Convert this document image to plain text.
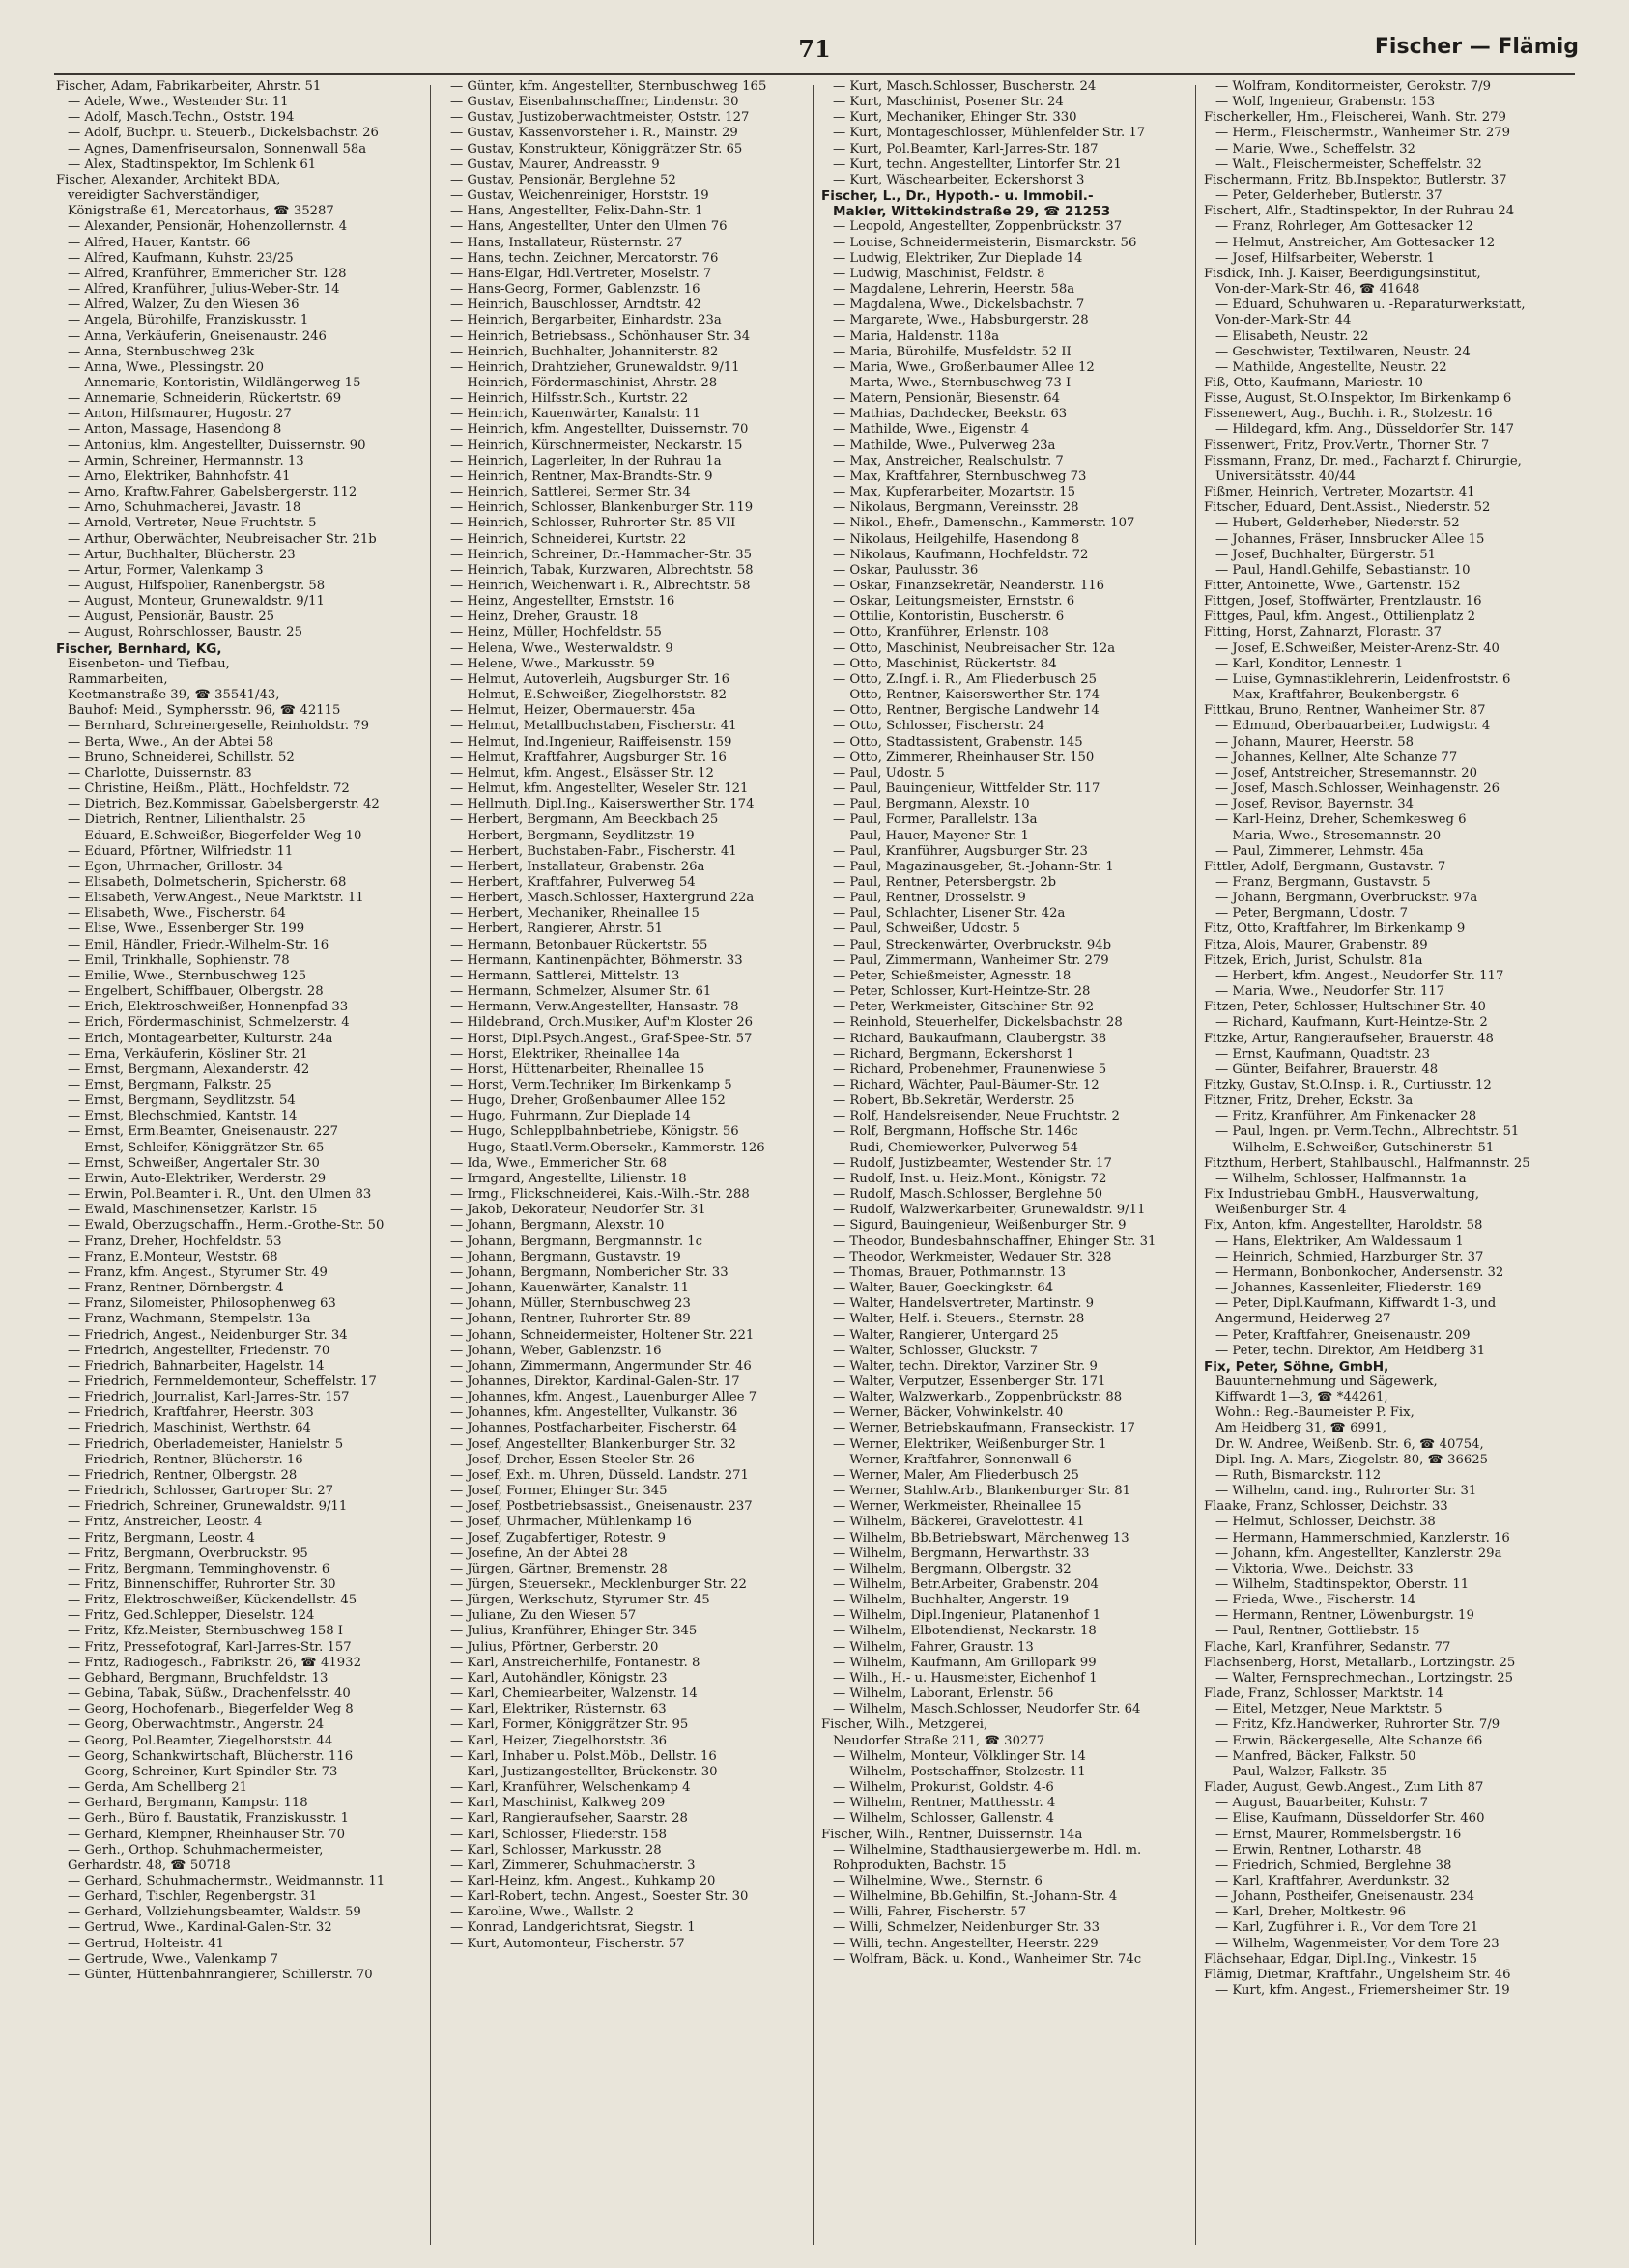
71	Fischer — Flämig
Fischer, Adam, Fabrikarbeiter, Ahrstr. 51
— Adele, Wwe., Westender Str. 11
— Adolf, Masch.Techn., Oststr. 194
— Adolf, Buchpr. u. Steuerb., Dickelsbachstr. 26
— Agnes, Damenfriseursalon, Sonnenwall 58a
— Alex, Stadtinspektor, Im Schlenk 61
Fischer, Alexander, Architekt BDA,
vereidigter Sachverständiger,
Königstraße 61, Mercatorhaus, ☎ 35287
— Alexander, Pensionär, Hohenzollernstr. 4
— Alfred, Hauer, Kantstr. 66
— Alfred, Kaufmann, Kuhstr. 23/25
— Alfred, Kranführer, Emmericher Str. 128
— Alfred, Kranführer, Julius-Weber-Str. 14
— Alfred, Walzer, Zu den Wiesen 36
— Angela, Bürohilfe, Franziskusstr. 1
— Anna, Verkäuferin, Gneisenaustr. 246
— Anna, Sternbuschweg 23k
— Anna, Wwe., Plessingstr. 20
— Annemarie, Kontoristin, Wildlängerweg 15
— Annemarie, Schneiderin, Rückertstr. 69
— Anton, Hilfsmaurer, Hugostr. 27
— Anton, Massage, Hasendong 8
— Antonius, klm. Angestellter, Duissernstr. 90
— Armin, Schreiner, Hermannstr. 13
— Arno, Elektriker, Bahnhofstr. 41
— Arno, Kraftw.Fahrer, Gabelsbergerstr. 112
— Arno, Schuhmacherei, Javastr. 18
— Arnold, Vertreter, Neue Fruchtstr. 5
— Arthur, Oberwächter, Neubreisacher Str. 21b
— Artur, Buchhalter, Blücherstr. 23
— Artur, Former, Valenkamp 3
— August, Hilfspolier, Ranenbergstr. 58
— August, Monteur, Grunewaldstr. 9/11
— August, Pensionär, Baustr. 25
— August, Rohrschlosser, Baustr. 25
Fischer, Bernhard, KG,
Eisenbeton- und Tiefbau,
Rammarbeiten,
Keetmanstraße 39, ☎ 35541/43,
Bauhof: Meid., Symphersstr. 96, ☎ 42115
— Bernhard, Schreinergeselle, Reinholdstr. 79
— Berta, Wwe., An der Abtei 58
— Bruno, Schneiderei, Schillstr. 52
— Charlotte, Duissernstr. 83
— Christine, Heißm., Plätt., Hochfeldstr. 72
— Dietrich, Bez.Kommissar, Gabelsbergerstr. 42
— Dietrich, Rentner, Lilienthalstr. 25
— Eduard, E.Schweißer, Biegerfelder Weg 10
— Eduard, Pförtner, Wilfriedstr. 11
— Egon, Uhrmacher, Grillostr. 34
— Elisabeth, Dolmetscherin, Spicherstr. 68
— Elisabeth, Verw.Angest., Neue Marktstr. 11
— Elisabeth, Wwe., Fischerstr. 64
— Elise, Wwe., Essenberger Str. 199
— Emil, Händler, Friedr.-Wilhelm-Str. 16
— Emil, Trinkhalle, Sophienstr. 78
— Emilie, Wwe., Sternbuschweg 125
— Engelbert, Schiffbauer, Ölbergstr. 28
— Erich, Elektroschweißer, Honnenpfad 33
— Erich, Fördermaschinist, Schmelzerstr. 4
— Erich, Montagearbeiter, Kulturstr. 24a
— Erna, Verkäuferin, Kösliner Str. 21
— Ernst, Bergmann, Alexanderstr. 42
— Ernst, Bergmann, Falkstr. 25
— Ernst, Bergmann, Seydlitzstr. 54
— Ernst, Blechschmied, Kantstr. 14
— Ernst, Erm.Beamter, Gneisenaustr. 227
— Ernst, Schleifer, Königgrätzer Str. 65
— Ernst, Schweißer, Angertaler Str. 30
— Erwin, Auto-Elektriker, Werderstr. 29
— Erwin, Pol.Beamter i. R., Unt. den Ulmen 83
— Ewald, Maschinensetzer, Karlstr. 15
— Ewald, Oberzugschaffn., Herm.-Grothe-Str. 50
— Franz, Dreher, Hochfeldstr. 53
— Franz, E.Monteur, Weststr. 68
— Franz, kfm. Angest., Styrumer Str. 49
— Franz, Rentner, Dörnbergstr. 4
— Franz, Silomeister, Philosophenweg 63
— Franz, Wachmann, Stempelstr. 13a
— Friedrich, Angest., Neidenburger Str. 34
— Friedrich, Angestellter, Friedenstr. 70
— Friedrich, Bahnarbeiter, Hagelstr. 14
— Friedrich, Fernmeldemonteur, Scheffelstr. 17
— Friedrich, Journalist, Karl-Jarres-Str. 157
— Friedrich, Kraftfahrer, Heerstr. 303
— Friedrich, Maschinist, Werthstr. 64
— Friedrich, Oberlademeister, Hanielstr. 5
— Friedrich, Rentner, Blücherstr. 16
— Friedrich, Rentner, Ölbergstr. 28
— Friedrich, Schlosser, Gartroper Str. 27
— Friedrich, Schreiner, Grunewaldstr. 9/11
— Fritz, Anstreicher, Leostr. 4
— Fritz, Bergmann, Leostr. 4
— Fritz, Bergmann, Overbruckstr. 95
— Fritz, Bergmann, Temminghovenstr. 6
— Fritz, Binnenschiffer, Ruhrorter Str. 30
— Fritz, Elektroschweißer, Kückendellstr. 45
— Fritz, Ged.Schlepper, Dieselstr. 124
— Fritz, Kfz.Meister, Sternbuschweg 158 I
— Fritz, Pressefotograf, Karl-Jarres-Str. 157
— Fritz, Radiogesch., Fabrikstr. 26, ☎ 41932
— Gebhard, Bergmann, Bruchfeldstr. 13
— Gebina, Tabak, Süßw., Drachenfelsstr. 40
— Georg, Hochofenarb., Biegerfelder Weg 8
— Georg, Oberwachtmstr., Angerstr. 24
— Georg, Pol.Beamter, Ziegelhorststr. 44
— Georg, Schankwirtschaft, Blücherstr. 116
— Georg, Schreiner, Kurt-Spindler-Str. 73
— Gerda, Am Schellberg 21
— Gerhard, Bergmann, Kampstr. 118
— Gerh., Büro f. Baustatik, Franziskusstr. 1
— Gerhard, Klempner, Rheinhauser Str. 70
— Gerh., Orthop. Schuhmachermeister,
Gerhardstr. 48, ☎ 50718
— Gerhard, Schuhmachermstr., Weidmannstr. 11
— Gerhard, Tischler, Regenbergstr. 31
— Gerhard, Vollziehungsbeamter, Waldstr. 59
— Gertrud, Wwe., Kardinal-Galen-Str. 32
— Gertrud, Holteistr. 41
— Gertrude, Wwe., Valenkamp 7
— Günter, Hüttenbahnrangierer, Schillerstr. 70
— Günter, kfm. Angestellter, Sternbuschweg 165
— Gustav, Eisenbahnschaffner, Lindenstr. 30
— Gustav, Justizoberwachtmeister, Oststr. 127
— Gustav, Kassenvorsteher i. R., Mainstr. 29
— Gustav, Konstrukteur, Königgrätzer Str. 65
— Gustav, Maurer, Andreasstr. 9
— Gustav, Pensionär, Berglehne 52
— Gustav, Weichenreiniger, Horststr. 19
— Hans, Angestellter, Felix-Dahn-Str. 1
— Hans, Angestellter, Unter den Ulmen 76
— Hans, Installateur, Rüsternstr. 27
— Hans, techn. Zeichner, Mercatorstr. 76
— Hans-Elgar, Hdl.Vertreter, Moselstr. 7
— Hans-Georg, Former, Gablenzstr. 16
— Heinrich, Bauschlosser, Arndtstr. 42
— Heinrich, Bergarbeiter, Einhardstr. 23a
— Heinrich, Betriebsass., Schönhauser Str. 34
— Heinrich, Buchhalter, Johanniterstr. 82
— Heinrich, Drahtzieher, Grunewaldstr. 9/11
— Heinrich, Fördermaschinist, Ahrstr. 28
— Heinrich, Hilfsstr.Sch., Kurtstr. 22
— Heinrich, Kauenwärter, Kanalstr. 11
— Heinrich, kfm. Angestellter, Duissernstr. 70
— Heinrich, Kürschnermeister, Neckarstr. 15
— Heinrich, Lagerleiter, In der Ruhrau 1a
— Heinrich, Rentner, Max-Brandts-Str. 9
— Heinrich, Sattlerei, Sermer Str. 34
— Heinrich, Schlosser, Blankenburger Str. 119
— Heinrich, Schlosser, Ruhrorter Str. 85 VII
— Heinrich, Schneiderei, Kurtstr. 22
— Heinrich, Schreiner, Dr.-Hammacher-Str. 35
— Heinrich, Tabak, Kurzwaren, Albrechtstr. 58
— Heinrich, Weichenwart i. R., Albrechtstr. 58
— Heinz, Angestellter, Ernststr. 16
— Heinz, Dreher, Graustr. 18
— Heinz, Müller, Hochfeldstr. 55
— Helena, Wwe., Westerwaldstr. 9
— Helene, Wwe., Markusstr. 59
— Helmut, Autoverleih, Augsburger Str. 16
— Helmut, E.Schweißer, Ziegelhorststr. 82
— Helmut, Heizer, Obermauerstr. 45a
— Helmut, Metallbuchstaben, Fischerstr. 41
— Helmut, Ind.Ingenieur, Raiffeisenstr. 159
— Helmut, Kraftfahrer, Augsburger Str. 16
— Helmut, kfm. Angest., Elsässer Str. 12
— Helmut, kfm. Angestellter, Weseler Str. 121
— Hellmuth, Dipl.Ing., Kaiserswerther Str. 174
— Herbert, Bergmann, Am Beeckbach 25
— Herbert, Bergmann, Seydlitzstr. 19
— Herbert, Buchstaben-Fabr., Fischerstr. 41
— Herbert, Installateur, Grabenstr. 26a
— Herbert, Kraftfahrer, Pulverweg 54
— Herbert, Masch.Schlosser, Haxtergrund 22a
— Herbert, Mechaniker, Rheinallee 15
— Herbert, Rangierer, Ahrstr. 51
— Hermann, Betonbauer Rückertstr. 55
— Hermann, Kantinenpächter, Böhmerstr. 33
— Hermann, Sattlerei, Mittelstr. 13
— Hermann, Schmelzer, Alsumer Str. 61
— Hermann, Verw.Angestellter, Hansastr. 78
— Hildebrand, Orch.Musiker, Auf'm Kloster 26
— Horst, Dipl.Psych.Angest., Graf-Spee-Str. 57
— Horst, Elektriker, Rheinallee 14a
— Horst, Hüttenarbeiter, Rheinallee 15
— Horst, Verm.Techniker, Im Birkenkamp 5
— Hugo, Dreher, Großenbaumer Allee 152
— Hugo, Fuhrmann, Zur Dieplade 14
— Hugo, Schlepplbahnbetriebe, Königstr. 56
— Hugo, Staatl.Verm.Obersekr., Kammerstr. 126
— Ida, Wwe., Emmericher Str. 68
— Irmgard, Angestellte, Lilienstr. 18
— Irmg., Flickschneiderei, Kais.-Wilh.-Str. 288
— Jakob, Dekorateur, Neudorfer Str. 31
— Johann, Bergmann, Alexstr. 10
— Johann, Bergmann, Bergmannstr. 1c
— Johann, Bergmann, Gustavstr. 19
— Johann, Bergmann, Nombericher Str. 33
— Johann, Kauenwärter, Kanalstr. 11
— Johann, Müller, Sternbuschweg 23
— Johann, Rentner, Ruhrorter Str. 89
— Johann, Schneidermeister, Holtener Str. 221
— Johann, Weber, Gablenzstr. 16
— Johann, Zimmermann, Angermunder Str. 46
— Johannes, Direktor, Kardinal-Galen-Str. 17
— Johannes, kfm. Angest., Lauenburger Allee 7
— Johannes, kfm. Angestellter, Vulkanstr. 36
— Johannes, Postfacharbeiter, Fischerstr. 64
— Josef, Angestellter, Blankenburger Str. 32
— Josef, Dreher, Essen-Steeler Str. 26
— Josef, Exh. m. Uhren, Düsseld. Landstr. 271
— Josef, Former, Ehinger Str. 345
— Josef, Postbetriebsassist., Gneisenaustr. 237
— Josef, Uhrmacher, Mühlenkamp 16
— Josef, Zugabfertiger, Rotestr. 9
— Josefine, An der Abtei 28
— Jürgen, Gärtner, Bremenstr. 28
— Jürgen, Steuersekr., Mecklenburger Str. 22
— Jürgen, Werkschutz, Styrumer Str. 45
— Juliane, Zu den Wiesen 57
— Julius, Kranführer, Ehinger Str. 345
— Julius, Pförtner, Gerberstr. 20
— Karl, Anstreicherhilfe, Fontanestr. 8
— Karl, Autohändler, Königstr. 23
— Karl, Chemiearbeiter, Walzenstr. 14
— Karl, Elektriker, Rüsternstr. 63
— Karl, Former, Königgrätzer Str. 95
— Karl, Heizer, Ziegelhorststr. 36
— Karl, Inhaber u. Polst.Möb., Dellstr. 16
— Karl, Justizangestellter, Brückenstr. 30
— Karl, Kranführer, Welschenkamp 4
— Karl, Maschinist, Kalkweg 209
— Karl, Rangieraufseher, Saarstr. 28
— Karl, Schlosser, Fliederstr. 158
— Karl, Schlosser, Markusstr. 28
— Karl, Zimmerer, Schuhmacherstr. 3
— Karl-Heinz, kfm. Angest., Kuhkamp 20
— Karl-Robert, techn. Angest., Soester Str. 30
— Karoline, Wwe., Wallstr. 2
— Konrad, Landgerichtsrat, Siegstr. 1
— Kurt, Automonteur, Fischerstr. 57
— Kurt, Masch.Schlosser, Buscherstr. 24
— Kurt, Maschinist, Posener Str. 24
— Kurt, Mechaniker, Ehinger Str. 330
— Kurt, Montageschlosser, Mühlenfelder Str. 17
— Kurt, Pol.Beamter, Karl-Jarres-Str. 187
— Kurt, techn. Angestellter, Lintorfer Str. 21
— Kurt, Wäschearbeiter, Eckershorst 3
Fischer, L., Dr., Hypoth.- u. Immobil.-
Makler, Wittekindstraße 29, ☎ 21253
— Leopold, Angestellter, Zoppenbrückstr. 37
— Louise, Schneidermeisterin, Bismarckstr. 56
— Ludwig, Elektriker, Zur Dieplade 14
— Ludwig, Maschinist, Feldstr. 8
— Magdalene, Lehrerin, Heerstr. 58a
— Magdalena, Wwe., Dickelsbachstr. 7
— Margarete, Wwe., Habsburgerstr. 28
— Maria, Haldenstr. 118a
— Maria, Bürohilfe, Musfeldstr. 52 II
— Maria, Wwe., Großenbaumer Allee 12
— Marta, Wwe., Sternbuschweg 73 I
— Matern, Pensionär, Biesenstr. 64
— Mathias, Dachdecker, Beekstr. 63
— Mathilde, Wwe., Eigenstr. 4
— Mathilde, Wwe., Pulverweg 23a
— Max, Anstreicher, Realschulstr. 7
— Max, Kraftfahrer, Sternbuschweg 73
— Max, Kupferarbeiter, Mozartstr. 15
— Nikolaus, Bergmann, Vereinsstr. 28
— Nikol., Ehefr., Damenschn., Kammerstr. 107
— Nikolaus, Heilgehilfe, Hasendong 8
— Nikolaus, Kaufmann, Hochfeldstr. 72
— Oskar, Paulusstr. 36
— Oskar, Finanzsekretär, Neanderstr. 116
— Oskar, Leitungsmeister, Ernststr. 6
— Ottilie, Kontoristin, Buscherstr. 6
— Otto, Kranführer, Erlenstr. 108
— Otto, Maschinist, Neubreisacher Str. 12a
— Otto, Maschinist, Rückertstr. 84
— Otto, Z.Ingf. i. R., Am Fliederbusch 25
— Otto, Rentner, Kaiserswerther Str. 174
— Otto, Rentner, Bergische Landwehr 14
— Otto, Schlosser, Fischerstr. 24
— Otto, Stadtassistent, Grabenstr. 145
— Otto, Zimmerer, Rheinhauser Str. 150
— Paul, Udostr. 5
— Paul, Bauingenieur, Wittfelder Str. 117
— Paul, Bergmann, Alexstr. 10
— Paul, Former, Parallelstr. 13a
— Paul, Hauer, Mayener Str. 1
— Paul, Kranführer, Augsburger Str. 23
— Paul, Magazinausgeber, St.-Johann-Str. 1
— Paul, Rentner, Petersbergstr. 2b
— Paul, Rentner, Drosselstr. 9
— Paul, Schlachter, Lisener Str. 42a
— Paul, Schweißer, Udostr. 5
— Paul, Streckenwärter, Overbruckstr. 94b
— Paul, Zimmermann, Wanheimer Str. 279
— Peter, Schießmeister, Agnesstr. 18
— Peter, Schlosser, Kurt-Heintze-Str. 28
— Peter, Werkmeister, Gitschiner Str. 92
— Reinhold, Steuerhelfer, Dickelsbachstr. 28
— Richard, Baukaufmann, Claubergstr. 38
— Richard, Bergmann, Eckershorst 1
— Richard, Probenehmer, Fraunenwiese 5
— Richard, Wächter, Paul-Bäumer-Str. 12
— Robert, Bb.Sekretär, Werderstr. 25
— Rolf, Handelsreisender, Neue Fruchtstr. 2
— Rolf, Bergmann, Hoffsche Str. 146c
— Rudi, Chemiewerker, Pulverweg 54
— Rudolf, Justizbeamter, Westender Str. 17
— Rudolf, Inst. u. Heiz.Mont., Königstr. 72
— Rudolf, Masch.Schlosser, Berglehne 50
— Rudolf, Walzwerkarbeiter, Grunewaldstr. 9/11
— Sigurd, Bauingenieur, Weißenburger Str. 9
— Theodor, Bundesbahnschaffner, Ehinger Str. 31
— Theodor, Werkmeister, Wedauer Str. 328
— Thomas, Brauer, Pothmannstr. 13
— Walter, Bauer, Goeckingkstr. 64
— Walter, Handelsvertreter, Martinstr. 9
— Walter, Helf. i. Steuers., Sternstr. 28
— Walter, Rangierer, Untergard 25
— Walter, Schlosser, Gluckstr. 7
— Walter, techn. Direktor, Varziner Str. 9
— Walter, Verputzer, Essenberger Str. 171
— Walter, Walzwerkarb., Zoppenbrückstr. 88
— Werner, Bäcker, Vohwinkelstr. 40
— Werner, Betriebskaufmann, Franseckistr. 17
— Werner, Elektriker, Weißenburger Str. 1
— Werner, Kraftfahrer, Sonnenwall 6
— Werner, Maler, Am Fliederbusch 25
— Werner, Stahlw.Arb., Blankenburger Str. 81
— Werner, Werkmeister, Rheinallee 15
— Wilhelm, Bäckerei, Gravelottestr. 41
— Wilhelm, Bb.Betriebswart, Märchenweg 13
— Wilhelm, Bergmann, Herwarthstr. 33
— Wilhelm, Bergmann, Ölbergstr. 32
— Wilhelm, Betr.Arbeiter, Grabenstr. 204
— Wilhelm, Buchhalter, Angerstr. 19
— Wilhelm, Dipl.Ingenieur, Platanenhof 1
— Wilhelm, Elbotendienst, Neckarstr. 18
— Wilhelm, Fahrer, Graustr. 13
— Wilhelm, Kaufmann, Am Grillopark 99
— Wilh., H.- u. Hausmeister, Eichenhof 1
— Wilhelm, Laborant, Erlenstr. 56
— Wilhelm, Masch.Schlosser, Neudorfer Str. 64
Fischer, Wilh., Metzgerei,
Neudorfer Straße 211, ☎ 30277
— Wilhelm, Monteur, Völklinger Str. 14
— Wilhelm, Postschaffner, Stolzestr. 11
— Wilhelm, Prokurist, Goldstr. 4-6
— Wilhelm, Rentner, Matthesstr. 4
— Wilhelm, Schlosser, Gallenstr. 4
Fischer, Wilh., Rentner, Duissernstr. 14a
— Wilhelmine, Stadthausiergewerbe m. Hdl. m.
Rohprodukten, Bachstr. 15
— Wilhelmine, Wwe., Sternstr. 6
— Wilhelmine, Bb.Gehilfin, St.-Johann-Str. 4
— Willi, Fahrer, Fischerstr. 57
— Willi, Schmelzer, Neidenburger Str. 33
— Willi, techn. Angestellter, Heerstr. 229
— Wolfram, Bäck. u. Kond., Wanheimer Str. 74c
— Wolfram, Konditormeister, Gerokstr. 7/9
— Wolf, Ingenieur, Grabenstr. 153
Fischerkeller, Hm., Fleischerei, Wanh. Str. 279
— Herm., Fleischermstr., Wanheimer Str. 279
— Marie, Wwe., Scheffelstr. 32
— Walt., Fleischermeister, Scheffelstr. 32
Fischermann, Fritz, Bb.Inspektor, Butlerstr. 37
— Peter, Gelderheber, Butlerstr. 37
Fischert, Alfr., Stadtinspektor, In der Ruhrau 24
— Franz, Rohrleger, Am Gottesacker 12
— Helmut, Anstreicher, Am Gottesacker 12
— Josef, Hilfsarbeiter, Weberstr. 1
Fisdick, Inh. J. Kaiser, Beerdigungsinstitut,
Von-der-Mark-Str. 46, ☎ 41648
— Eduard, Schuhwaren u. -Reparaturwerkstatt,
Von-der-Mark-Str. 44
— Elisabeth, Neustr. 22
— Geschwister, Textilwaren, Neustr. 24
— Mathilde, Angestellte, Neustr. 22
Fiß, Otto, Kaufmann, Mariestr. 10
Fisse, August, St.O.Inspektor, Im Birkenkamp 6
Fissenewert, Aug., Buchh. i. R., Stolzestr. 16
— Hildegard, kfm. Ang., Düsseldorfer Str. 147
Fissenwert, Fritz, Prov.Vertr., Thorner Str. 7
Fissmann, Franz, Dr. med., Facharzt f. Chirurgie,
Universitätsstr. 40/44
Fißmer, Heinrich, Vertreter, Mozartstr. 41
Fitscher, Eduard, Dent.Assist., Niederstr. 52
— Hubert, Gelderheber, Niederstr. 52
— Johannes, Fräser, Innsbrucker Allee 15
— Josef, Buchhalter, Bürgerstr. 51
— Paul, Handl.Gehilfe, Sebastianstr. 10
Fitter, Antoinette, Wwe., Gartenstr. 152
Fittgen, Josef, Stoffwärter, Prentzlaustr. 16
Fittges, Paul, kfm. Angest., Ottilienplatz 2
Fitting, Horst, Zahnarzt, Florastr. 37
— Josef, E.Schweißer, Meister-Arenz-Str. 40
— Karl, Konditor, Lennestr. 1
— Luise, Gymnastiklehrerin, Leidenfroststr. 6
— Max, Kraftfahrer, Beukenbergstr. 6
Fittkau, Bruno, Rentner, Wanheimer Str. 87
— Edmund, Oberbauarbeiter, Ludwigstr. 4
— Johann, Maurer, Heerstr. 58
— Johannes, Kellner, Alte Schanze 77
— Josef, Antstreicher, Stresemannstr. 20
— Josef, Masch.Schlosser, Weinhagenstr. 26
— Josef, Revisor, Bayernstr. 34
— Karl-Heinz, Dreher, Schemkesweg 6
— Maria, Wwe., Stresemannstr. 20
— Paul, Zimmerer, Lehmstr. 45a
Fittler, Adolf, Bergmann, Gustavstr. 7
— Franz, Bergmann, Gustavstr. 5
— Johann, Bergmann, Overbruckstr. 97a
— Peter, Bergmann, Udostr. 7
Fitz, Otto, Kraftfahrer, Im Birkenkamp 9
Fitza, Alois, Maurer, Grabenstr. 89
Fitzek, Erich, Jurist, Schulstr. 81a
— Herbert, kfm. Angest., Neudorfer Str. 117
— Maria, Wwe., Neudorfer Str. 117
Fitzen, Peter, Schlosser, Hultschiner Str. 40
— Richard, Kaufmann, Kurt-Heintze-Str. 2
Fitzke, Artur, Rangieraufseher, Brauerstr. 48
— Ernst, Kaufmann, Quadtstr. 23
— Günter, Beifahrer, Brauerstr. 48
Fitzky, Gustav, St.O.Insp. i. R., Curtiusstr. 12
Fitzner, Fritz, Dreher, Eckstr. 3a
— Fritz, Kranführer, Am Finkenacker 28
— Paul, Ingen. pr. Verm.Techn., Albrechtstr. 51
— Wilhelm, E.Schweißer, Gutschinerstr. 51
Fitzthum, Herbert, Stahlbauschl., Halfmannstr. 25
— Wilhelm, Schlosser, Halfmannstr. 1a
Fix Industriebau GmbH., Hausverwaltung,
Weißenburger Str. 4
Fix, Anton, kfm. Angestellter, Haroldstr. 58
— Hans, Elektriker, Am Waldessaum 1
— Heinrich, Schmied, Harzburger Str. 37
— Hermann, Bonbonkocher, Andersenstr. 32
— Johannes, Kassenleiter, Fliederstr. 169
— Peter, Dipl.Kaufmann, Kiffwardt 1-3, und
Angermund, Heiderweg 27
— Peter, Kraftfahrer, Gneisenaustr. 209
— Peter, techn. Direktor, Am Heidberg 31
Fix, Peter, Söhne, GmbH,
Bauunternehmung und Sägewerk,
Kiffwardt 1—3, ☎ *44261,
Wohn.: Reg.-Baumeister P. Fix,
Am Heidberg 31, ☎ 6991,
Dr. W. Andree, Weißenb. Str. 6, ☎ 40754,
Dipl.-Ing. A. Mars, Ziegelstr. 80, ☎ 36625
— Ruth, Bismarckstr. 112
— Wilhelm, cand. ing., Ruhrorter Str. 31
Flaake, Franz, Schlosser, Deichstr. 33
— Helmut, Schlosser, Deichstr. 38
— Hermann, Hammerschmied, Kanzlerstr. 16
— Johann, kfm. Angestellter, Kanzlerstr. 29a
— Viktoria, Wwe., Deichstr. 33
— Wilhelm, Stadtinspektor, Oberstr. 11
— Frieda, Wwe., Fischerstr. 14
— Hermann, Rentner, Löwenburgstr. 19
— Paul, Rentner, Gottliebstr. 15
Flache, Karl, Kranführer, Sedanstr. 77
Flachsenberg, Horst, Metallarb., Lortzingstr. 25
— Walter, Fernsprechmechan., Lortzingstr. 25
Flade, Franz, Schlosser, Marktstr. 14
— Eitel, Metzger, Neue Marktstr. 5
— Fritz, Kfz.Handwerker, Ruhrorter Str. 7/9
— Erwin, Bäckergeselle, Alte Schanze 66
— Manfred, Bäcker, Falkstr. 50
— Paul, Walzer, Falkstr. 35
Flader, August, Gewb.Angest., Zum Lith 87
— August, Bauarbeiter, Kuhstr. 7
— Elise, Kaufmann, Düsseldorfer Str. 460
— Ernst, Maurer, Rommelsbergstr. 16
— Erwin, Rentner, Lotharstr. 48
— Friedrich, Schmied, Berglehne 38
— Karl, Kraftfahrer, Averdunkstr. 32
— Johann, Postheifer, Gneisenaustr. 234
— Karl, Dreher, Moltkestr. 96
— Karl, Zugführer i. R., Vor dem Tore 21
— Wilhelm, Wagenmeister, Vor dem Tore 23
Flächsehaar, Edgar, Dipl.Ing., Vinkestr. 15
Flämig, Dietmar, Kraftfahr., Ungelsheim Str. 46
— Kurt, kfm. Angest., Friemersheimer Str. 19
